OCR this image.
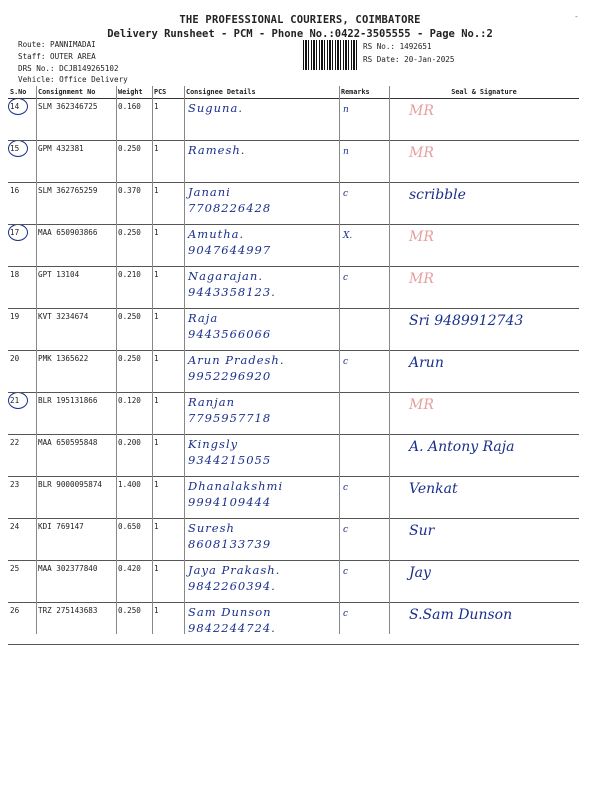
-
THE PROFESSIONAL COURIERS, COIMBATORE
Delivery Runsheet - PCM - Phone No.:0422-3505555 - Page No.:2
Route: PANNIMADAI
Staff: OUTER AREA
DRS No.: DCJB149265102
Vehicle: Office Delivery
RS No.: 1492651
RS Date: 20-Jan-2025
S.No	Consignment No	Weight	PCS	Consignee Details	Remarks	Seal & Signature

14	SLM 362346725	0.160	1	Suguna.	n	MR

15	GPM 432381	0.250	1	Ramesh.	n	MR

16	SLM 362765259	0.370	1	Janani
7708226428	c	scribble

17	MAA 650903866	0.250	1	Amutha.
9047644997	X.	MR

18	GPT 13104	0.210	1	Nagarajan.
9443358123.	c	MR

19	KVT 3234674	0.250	1	Raja
9443566066		Sri 9489912743

20	PMK 1365622	0.250	1	Arun Pradesh.
9952296920	c	Arun

21	BLR 195131866	0.120	1	Ranjan
7795957718		MR

22	MAA 650595848	0.200	1	Kingsly
9344215055		A. Antony Raja

23	BLR 9000095874	1.400	1	Dhanalakshmi
9994109444	c	Venkat

24	KDI 769147	0.650	1	Suresh
8608133739	c	Sur

25	MAA 302377840	0.420	1	Jaya Prakash.
9842260394.	c	Jay

26	TRZ 275143683	0.250	1	Sam Dunson
9842244724.	c	S.Sam Dunson
